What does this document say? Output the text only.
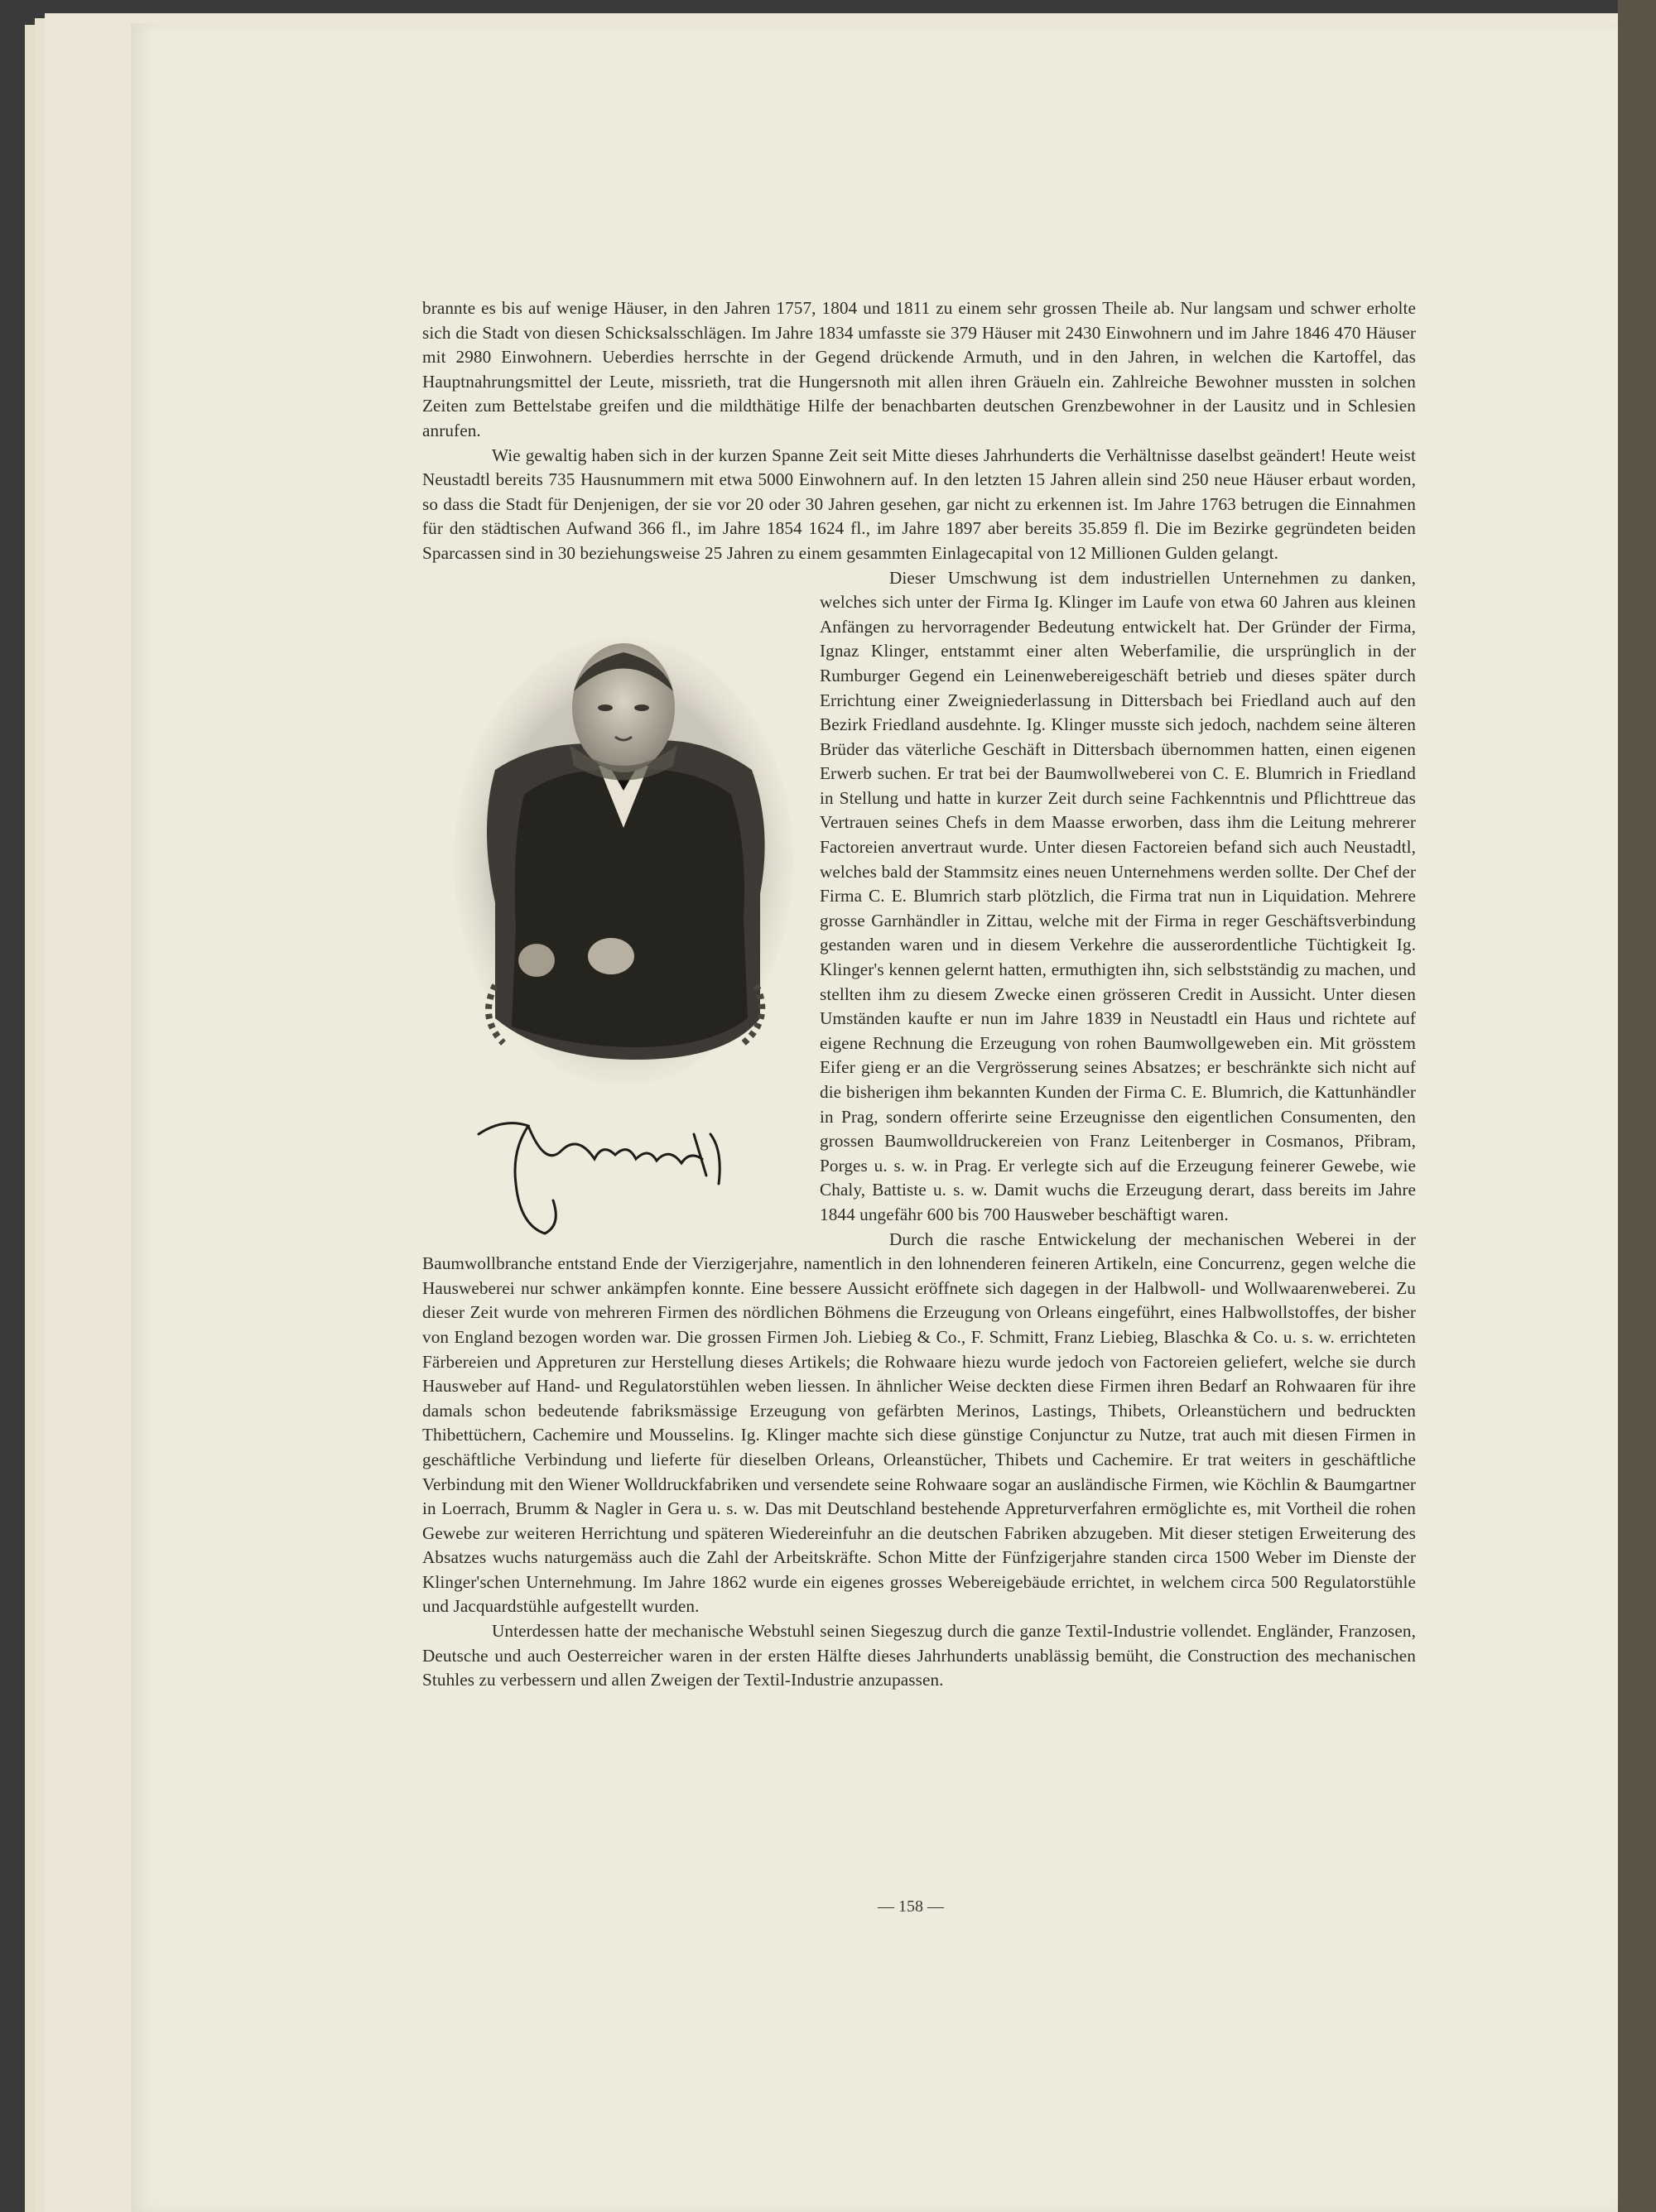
brannte es bis auf wenige Häuser, in den Jahren 1757, 1804 und 1811 zu einem sehr grossen Theile ab. Nur langsam und schwer erholte sich die Stadt von diesen Schicksalsschlägen. Im Jahre 1834 umfasste sie 379 Häuser mit 2430 Einwohnern und im Jahre 1846 470 Häuser mit 2980 Einwohnern. Ueberdies herrschte in der Gegend drückende Armuth, und in den Jahren, in welchen die Kartoffel, das Hauptnahrungsmittel der Leute, missrieth, trat die Hungersnoth mit allen ihren Gräueln ein. Zahlreiche Bewohner mussten in solchen Zeiten zum Bettelstabe greifen und die mildthätige Hilfe der benachbarten deutschen Grenzbewohner in der Lausitz und in Schlesien anrufen.

Wie gewaltig haben sich in der kurzen Spanne Zeit seit Mitte dieses Jahrhunderts die Verhältnisse daselbst geändert! Heute weist Neustadtl bereits 735 Hausnummern mit etwa 5000 Einwohnern auf. In den letzten 15 Jahren allein sind 250 neue Häuser erbaut worden, so dass die Stadt für Denjenigen, der sie vor 20 oder 30 Jahren gesehen, gar nicht zu erkennen ist. Im Jahre 1763 betrugen die Einnahmen für den städtischen Aufwand 366 fl., im Jahre 1854 1624 fl., im Jahre 1897 aber bereits 35.859 fl. Die im Bezirke gegründeten beiden Sparcassen sind in 30 beziehungsweise 25 Jahren zu einem gesammten Einlagecapital von 12 Millionen Gulden gelangt.

Dieser Umschwung ist dem industriellen Unternehmen zu danken, welches sich unter der Firma Ig. Klinger im Laufe von etwa 60 Jahren aus kleinen Anfängen zu hervorragender Bedeutung entwickelt hat. Der Gründer der Firma, Ignaz Klinger, entstammt einer alten Weberfamilie, die ursprünglich in der Rumburger Gegend ein Leinenwebereigeschäft betrieb und dieses später durch Errichtung einer Zweigniederlassung in Dittersbach bei Friedland auch auf den Bezirk Friedland ausdehnte. Ig. Klinger musste sich jedoch, nachdem seine älteren Brüder das väterliche Geschäft in Dittersbach übernommen hatten, einen eigenen Erwerb suchen. Er trat bei der Baumwollweberei von C. E. Blumrich in Friedland in Stellung und hatte in kurzer Zeit durch seine Fachkenntnis und Pflichttreue das Vertrauen seines Chefs in dem Maasse erworben, dass ihm die Leitung mehrerer Factoreien anvertraut wurde. Unter diesen Factoreien befand sich auch Neustadtl, welches bald der Stammsitz eines neuen Unternehmens werden sollte. Der Chef der Firma C. E. Blumrich starb plötzlich, die Firma trat nun in Liquidation. Mehrere grosse Garnhändler in Zittau, welche mit der Firma in reger Geschäftsverbindung gestanden waren und in diesem Verkehre die ausserordentliche Tüchtigkeit Ig. Klinger's kennen gelernt hatten, ermuthigten ihn, sich selbstständig zu machen, und stellten ihm zu diesem Zwecke einen grösseren Credit in Aussicht. Unter diesen Umständen kaufte er nun im Jahre 1839 in Neustadtl ein Haus und richtete auf eigene Rechnung die Erzeugung von rohen Baumwollgeweben ein. Mit grösstem Eifer gieng er an die Vergrösserung seines Absatzes; er beschränkte sich nicht auf die bisherigen ihm bekannten Kunden der Firma C. E. Blumrich, die Kattunhändler in Prag, sondern offerirte seine Erzeugnisse den eigentlichen Consumenten, den grossen Baumwolldruckereien von Franz Leitenberger in Cosmanos, Přibram, Porges u. s. w. in Prag. Er verlegte sich auf die Erzeugung feinerer Gewebe, wie Chaly, Battiste u. s. w. Damit wuchs die Erzeugung derart, dass bereits im Jahre 1844 ungefähr 600 bis 700 Hausweber beschäftigt waren.

Durch die rasche Entwickelung der mechanischen Weberei in der Baumwollbranche entstand Ende der Vierzigerjahre, namentlich in den lohnenderen feineren Artikeln, eine Concurrenz, gegen welche die Hausweberei nur schwer ankämpfen konnte. Eine bessere Aussicht eröffnete sich dagegen in der Halbwoll- und Wollwaarenweberei. Zu dieser Zeit wurde von mehreren Firmen des nördlichen Böhmens die Erzeugung von Orleans eingeführt, eines Halbwollstoffes, der bisher von England bezogen worden war. Die grossen Firmen Joh. Liebieg & Co., F. Schmitt, Franz Liebieg, Blaschka & Co. u. s. w. errichteten Färbereien und Appreturen zur Herstellung dieses Artikels; die Rohwaare hiezu wurde jedoch von Factoreien geliefert, welche sie durch Hausweber auf Hand- und Regulatorstühlen weben liessen. In ähnlicher Weise deckten diese Firmen ihren Bedarf an Rohwaaren für ihre damals schon bedeutende fabriksmässige Erzeugung von gefärbten Merinos, Lastings, Thibets, Orleanstüchern und bedruckten Thibettüchern, Cachemire und Mousselins. Ig. Klinger machte sich diese günstige Conjunctur zu Nutze, trat auch mit diesen Firmen in geschäftliche Verbindung und lieferte für dieselben Orleans, Orleanstücher, Thibets und Cachemire. Er trat weiters in geschäftliche Verbindung mit den Wiener Wolldruckfabriken und versendete seine Rohwaare sogar an ausländische Firmen, wie Köchlin & Baumgartner in Loerrach, Brumm & Nagler in Gera u. s. w. Das mit Deutschland bestehende Appreturverfahren ermöglichte es, mit Vortheil die rohen Gewebe zur weiteren Herrichtung und späteren Wiedereinfuhr an die deutschen Fabriken abzugeben. Mit dieser stetigen Erweiterung des Absatzes wuchs naturgemäss auch die Zahl der Arbeitskräfte. Schon Mitte der Fünfzigerjahre standen circa 1500 Weber im Dienste der Klinger'schen Unternehmung. Im Jahre 1862 wurde ein eigenes grosses Webereigebäude errichtet, in welchem circa 500 Regulatorstühle und Jacquardstühle aufgestellt wurden.

Unterdessen hatte der mechanische Webstuhl seinen Siegeszug durch die ganze Textil-Industrie vollendet. Engländer, Franzosen, Deutsche und auch Oesterreicher waren in der ersten Hälfte dieses Jahrhunderts unablässig bemüht, die Construction des mechanischen Stuhles zu verbessern und allen Zweigen der Textil-Industrie anzupassen.

— 158 —
